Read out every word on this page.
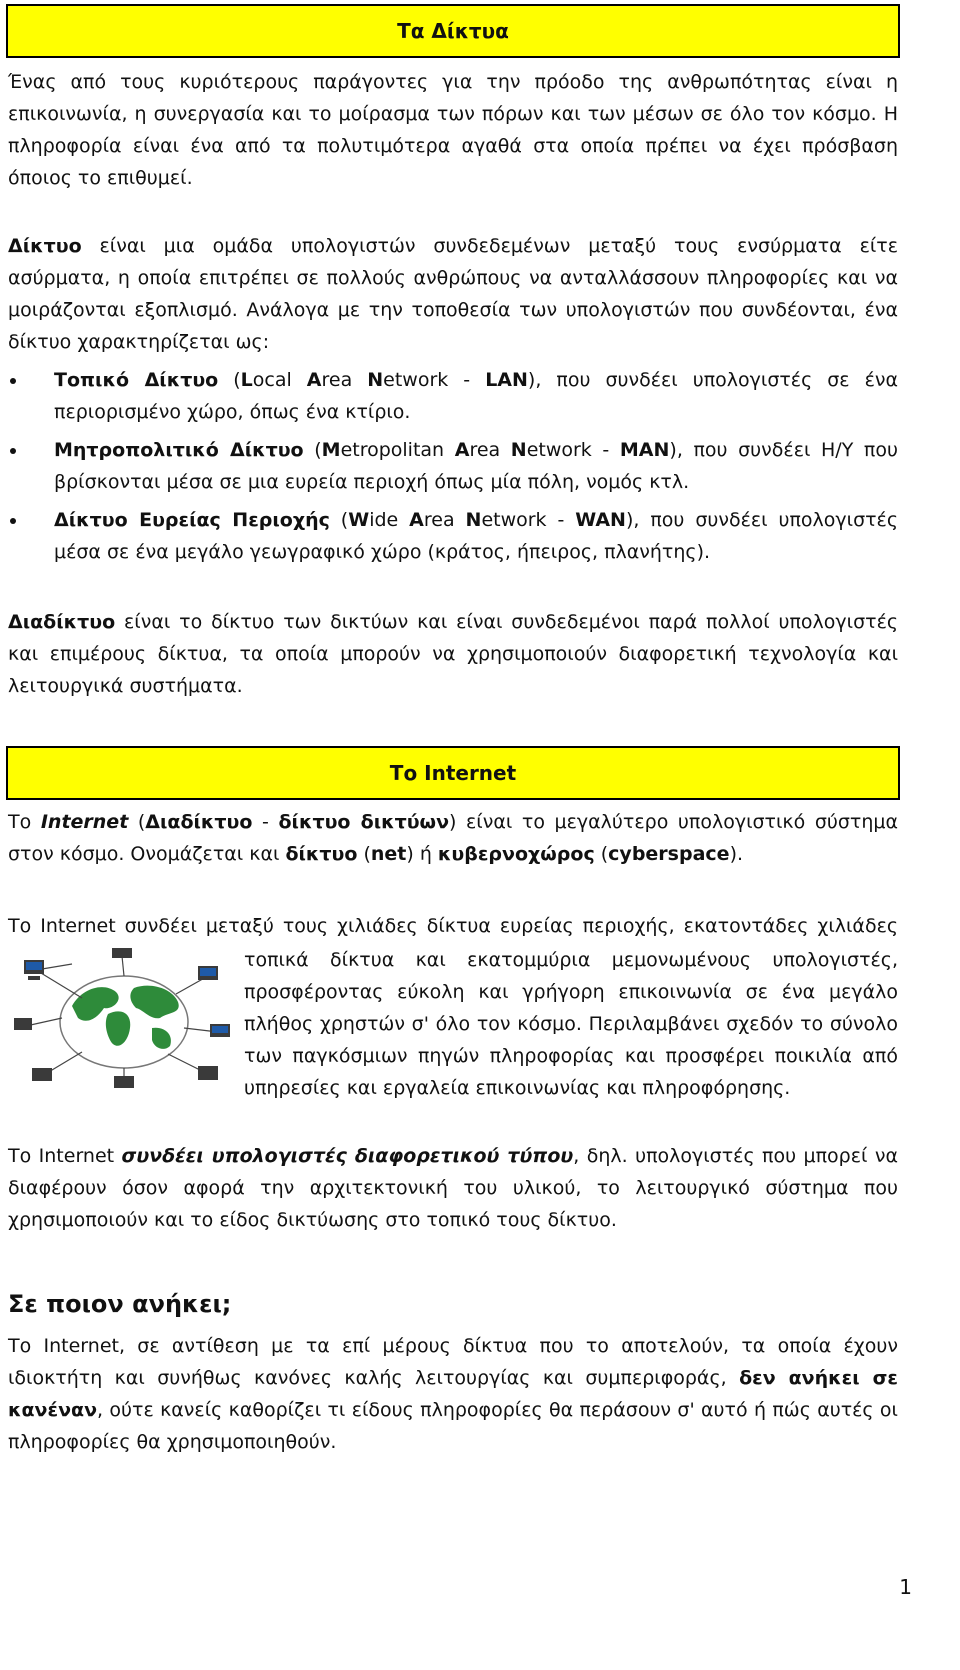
Τα Δίκτυα

Ένας από τους κυριότερους παράγοντες για την πρόοδο της ανθρωπότητας είναι η επικοινωνία, η συνεργασία και το μοίρασμα των πόρων και των μέσων σε όλο τον κόσμο. Η πληροφορία είναι ένα από τα πολυτιμότερα αγαθά στα οποία πρέπει να έχει πρόσβαση όποιος το επιθυμεί.

Δίκτυο είναι μια ομάδα υπολογιστών συνδεδεμένων μεταξύ τους ενσύρματα είτε ασύρματα, η οποία επιτρέπει σε πολλούς ανθρώπους να ανταλλάσσουν πληροφορίες και να μοιράζονται εξοπλισμό. Ανάλογα με την τοποθεσία των υπολογιστών που συνδέονται, ένα δίκτυο χαρακτηρίζεται ως:

Τοπικό Δίκτυο (Local Area Network - LAN), που συνδέει υπολογιστές σε ένα περιορισμένο χώρο, όπως ένα κτίριο.
Μητροπολιτικό Δίκτυο (Metropolitan Area Network - MAN), που συνδέει Η/Υ που βρίσκονται μέσα σε μια ευρεία περιοχή όπως μία πόλη, νομός κτλ.
Δίκτυο Ευρείας Περιοχής (Wide Area Network - WAN), που συνδέει υπολογιστές μέσα σε ένα μεγάλο γεωγραφικό χώρο (κράτος, ήπειρος, πλανήτης).

Διαδίκτυο είναι το δίκτυο των δικτύων και είναι συνδεδεμένοι παρά πολλοί υπολογιστές και επιμέρους δίκτυα, τα οποία μπορούν να χρησιμοποιούν διαφορετική τεχνολογία και λειτουργικά συστήματα.

Το Internet

Το Internet (Διαδίκτυο - δίκτυο δικτύων) είναι το μεγαλύτερο υπολογιστικό σύστημα στον κόσμο. Ονομάζεται και δίκτυο (net) ή κυβερνοχώρος (cyberspace).

Το Internet συνδέει μεταξύ τους χιλιάδες δίκτυα ευρείας περιοχής, εκατοντάδες χιλιάδες

τοπικά δίκτυα και εκατομμύρια μεμονωμένους υπολογιστές, προσφέροντας εύκολη και γρήγορη επικοινωνία σε ένα μεγάλο πλήθος χρηστών σ' όλο τον κόσμο. Περιλαμβάνει σχεδόν το σύνολο των παγκόσμιων πηγών πληροφορίας και προσφέρει ποικιλία από υπηρεσίες και εργαλεία επικοινωνίας και πληροφόρησης.

Το Internet συνδέει υπολογιστές διαφορετικού τύπου, δηλ. υπολογιστές που μπορεί να διαφέρουν όσον αφορά την αρχιτεκτονική του υλικού, το λειτουργικό σύστημα που χρησιμοποιούν και το είδος δικτύωσης στο τοπικό τους δίκτυο.

Σε ποιον ανήκει;

Το Internet, σε αντίθεση με τα επί μέρους δίκτυα που το αποτελούν, τα οποία έχουν ιδιοκτήτη και συνήθως κανόνες καλής λειτουργίας και συμπεριφοράς, δεν ανήκει σε κανέναν, ούτε κανείς καθορίζει τι είδους πληροφορίες θα περάσουν σ' αυτό ή πώς αυτές οι πληροφορίες θα χρησιμοποιηθούν.

1
